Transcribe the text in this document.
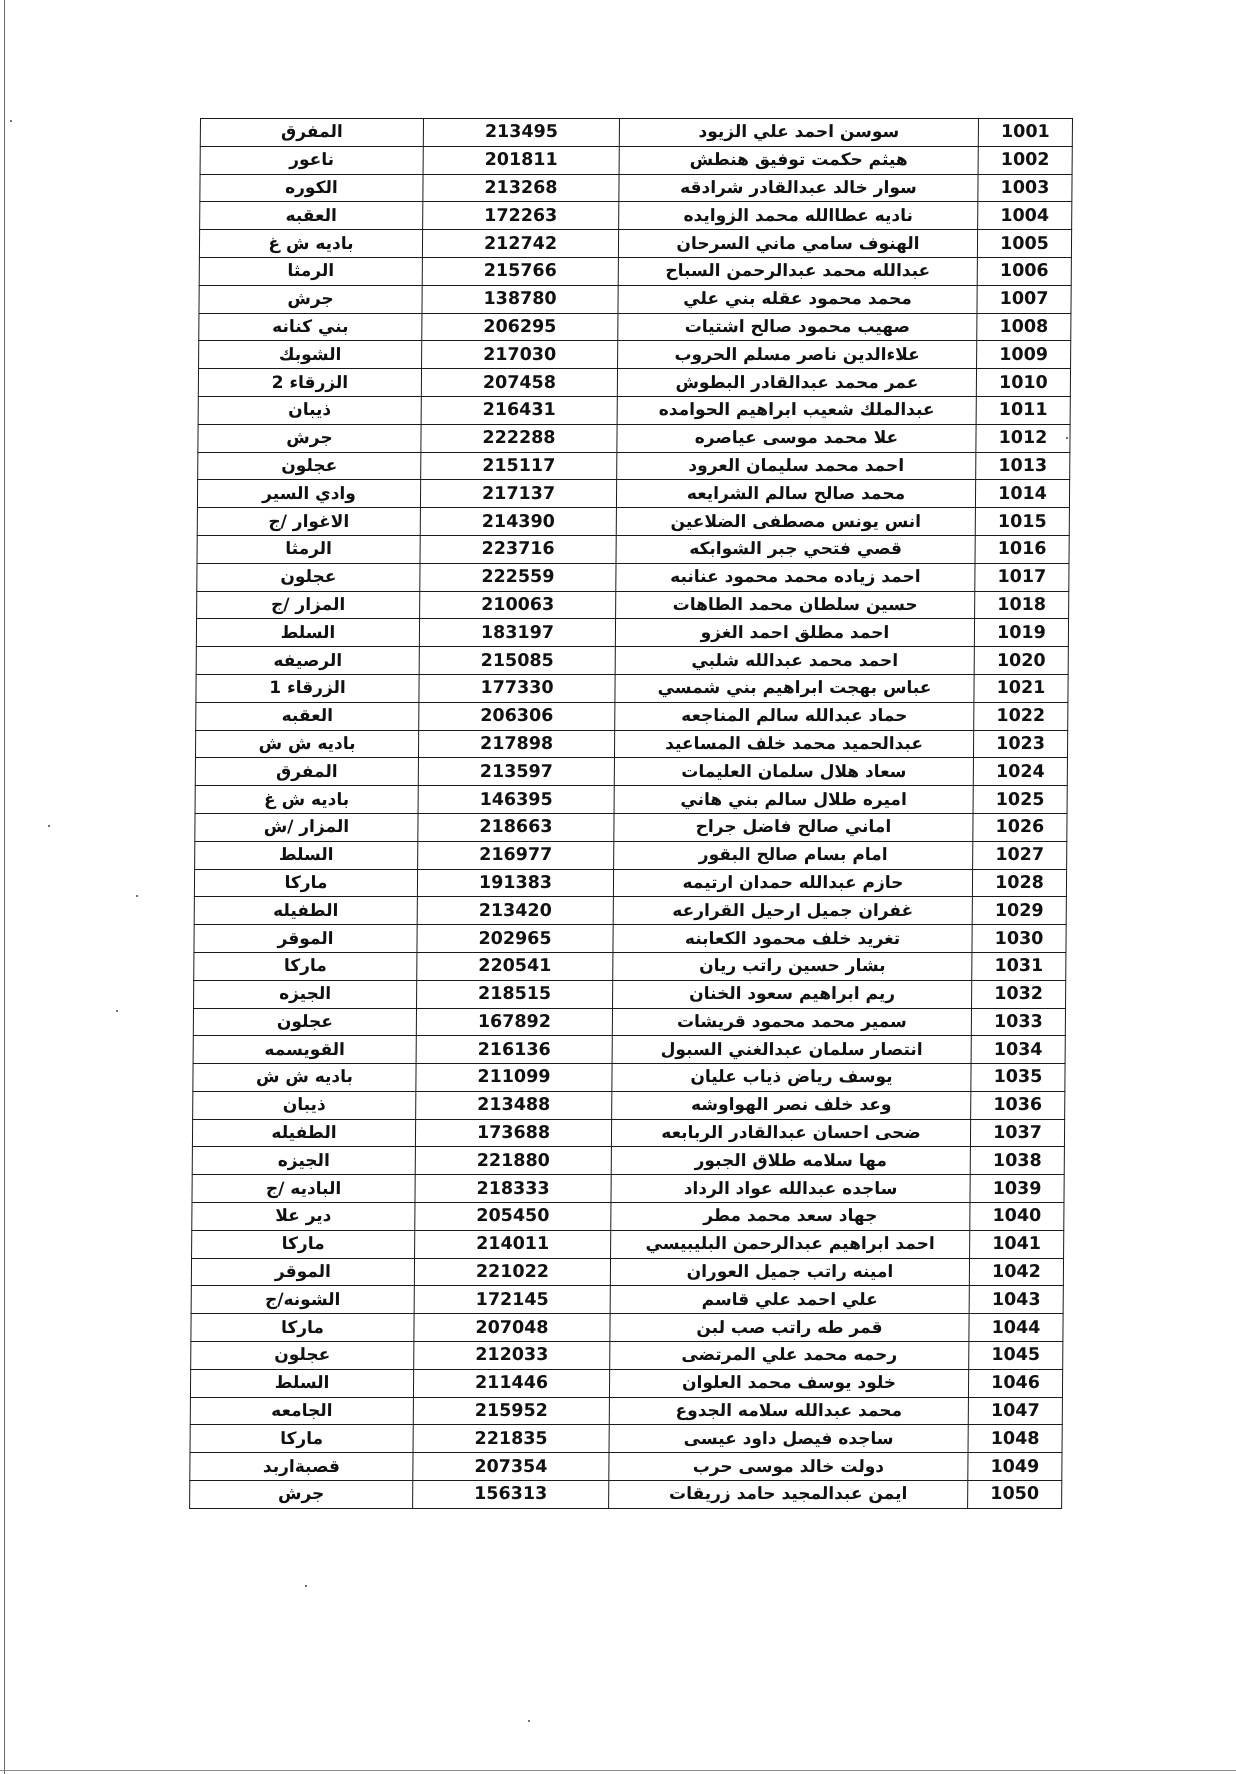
1001	سوسن احمد علي الزيود	213495	المفرق
1002	هيثم حكمت توفيق هنطش	201811	ناعور
1003	سوار خالد عبدالقادر شرادقه	213268	الكوره
1004	ناديه عطاالله محمد الزوايده	172263	العقبه
1005	الهنوف سامي ماني السرحان	212742	باديه ش غ
1006	عبدالله محمد عبدالرحمن السباح	215766	الرمثا
1007	محمد محمود عقله بني علي	138780	جرش
1008	صهيب محمود صالح اشتيات	206295	بني كنانه
1009	علاءالدين ناصر مسلم الحروب	217030	الشوبك
1010	عمر محمد عبدالقادر البطوش	207458	الزرقاء 2
1011	عبدالملك شعيب ابراهيم الحوامده	216431	ذيبان
1012	علا محمد موسى عياصره	222288	جرش
1013	احمد محمد سليمان العرود	215117	عجلون
1014	محمد صالح سالم الشرايعه	217137	وادي السير
1015	انس يونس مصطفى الضلاعين	214390	الاغوار /ج
1016	قصي فتحي جبر الشوابكه	223716	الرمثا
1017	احمد زياده محمد محمود عنانبه	222559	عجلون
1018	حسين سلطان محمد الطاهات	210063	المزار /ج
1019	احمد مطلق احمد الغزو	183197	السلط
1020	احمد محمد عبدالله شلبي	215085	الرصيفه
1021	عباس بهجت ابراهيم بني شمسي	177330	الزرقاء 1
1022	حماد عبدالله سالم المناجعه	206306	العقبه
1023	عبدالحميد محمد خلف المساعيد	217898	باديه ش ش
1024	سعاد هلال سلمان العليمات	213597	المفرق
1025	اميره طلال سالم بني هاني	146395	باديه ش غ
1026	اماني صالح فاضل جراح	218663	المزار /ش
1027	امام بسام صالح البقور	216977	السلط
1028	حازم عبدالله حمدان ارتيمه	191383	ماركا
1029	غفران جميل ارحيل القرارعه	213420	الطفيله
1030	تغريد خلف محمود الكعابنه	202965	الموقر
1031	بشار حسين راتب ريان	220541	ماركا
1032	ريم ابراهيم سعود الخنان	218515	الجيزه
1033	سمير محمد محمود قريشات	167892	عجلون
1034	انتصار سلمان عبدالغني السبول	216136	القويسمه
1035	يوسف رياض ذياب عليان	211099	باديه ش ش
1036	وعد خلف نصر الهواوشه	213488	ذيبان
1037	ضحى احسان عبدالقادر الربابعه	173688	الطفيله
1038	مها سلامه طلاق الجبور	221880	الجيزه
1039	ساجده عبدالله عواد الرداد	218333	الباديه /ج
1040	جهاد سعد محمد مطر	205450	دير علا
1041	احمد ابراهيم عبدالرحمن البليبيسي	214011	ماركا
1042	امينه راتب جميل العوران	221022	الموقر
1043	علي احمد علي قاسم	172145	الشونه/ج
1044	قمر طه راتب صب لبن	207048	ماركا
1045	رحمه محمد علي المرتضى	212033	عجلون
1046	خلود يوسف محمد العلوان	211446	السلط
1047	محمد عبدالله سلامه الجدوع	215952	الجامعه
1048	ساجده فيصل داود عيسى	221835	ماركا
1049	دولت خالد موسى حرب	207354	قصبةاربد
1050	ايمن عبدالمجيد حامد زريقات	156313	جرش
